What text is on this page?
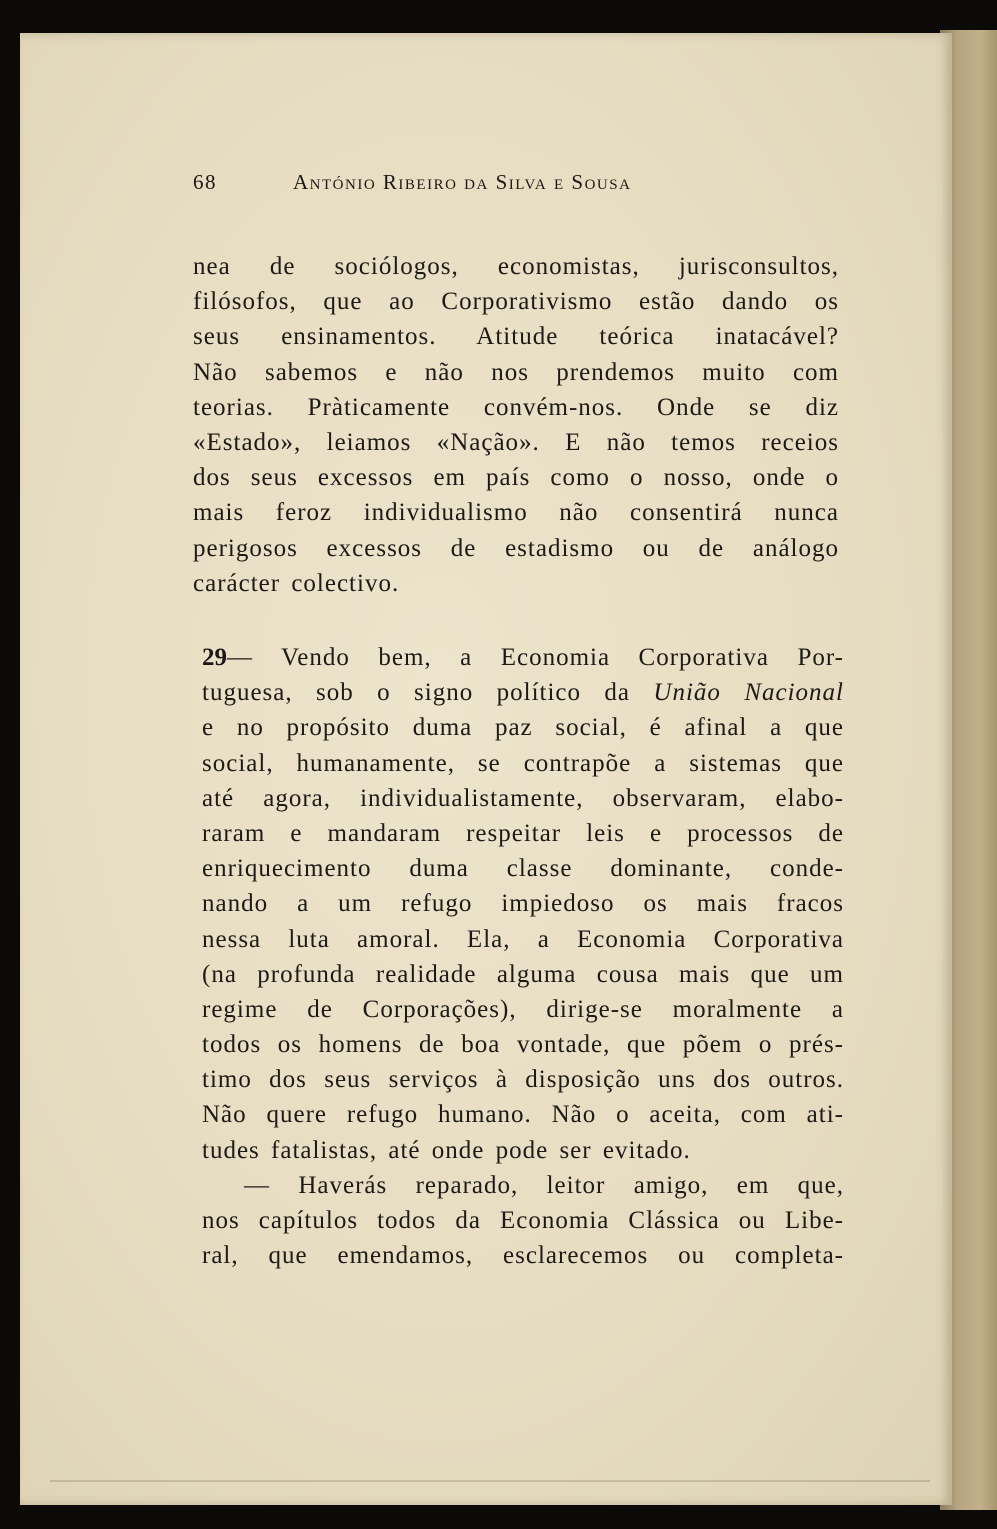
68	António Ribeiro da Silva e Sousa
nea de sociólogos, economistas, jurisconsultos,
filósofos, que ao Corporativismo estão dando os
seus ensinamentos. Atitude teórica inatacável?
Não sabemos e não nos prendemos muito com
teorias. Pràticamente convém-nos. Onde se diz
«Estado», leiamos «Nação». E não temos receios
dos seus excessos em país como o nosso, onde o
mais feroz individualismo não consentirá nunca
perigosos excessos de estadismo ou de análogo
carácter colectivo.
29— Vendo bem, a Economia Corporativa Por-
tuguesa, sob o signo político da União Nacional
e no propósito duma paz social, é afinal a que
social, humanamente, se contrapõe a sistemas que
até agora, individualistamente, observaram, elabo-
raram e mandaram respeitar leis e processos de
enriquecimento duma classe dominante, conde-
nando a um refugo impiedoso os mais fracos
nessa luta amoral. Ela, a Economia Corporativa
(na profunda realidade alguma cousa mais que um
regime de Corporações), dirige-se moralmente a
todos os homens de boa vontade, que põem o prés-
timo dos seus serviços à disposição uns dos outros.
Não quere refugo humano. Não o aceita, com ati-
tudes fatalistas, até onde pode ser evitado.
— Haverás reparado, leitor amigo, em que,
nos capítulos todos da Economia Clássica ou Libe-
ral, que emendamos, esclarecemos ou completa-
